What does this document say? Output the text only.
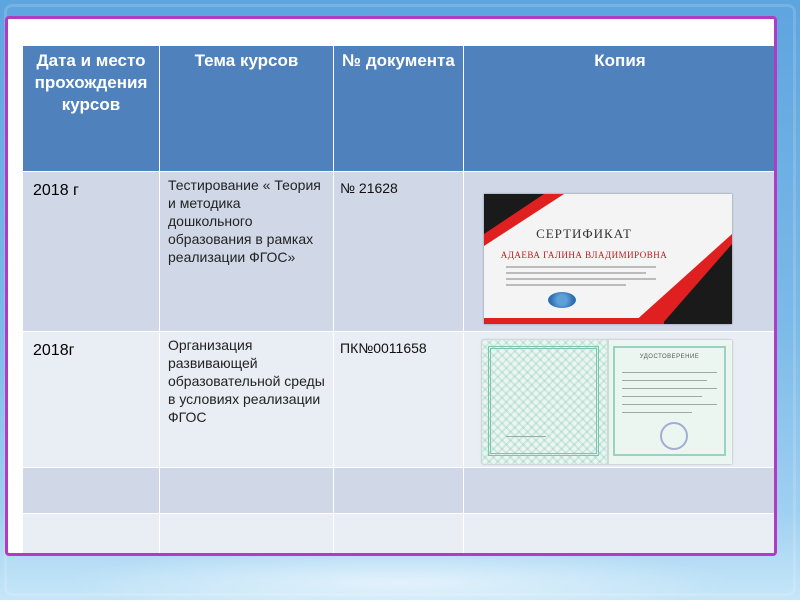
Дата и место прохождения курсов	Тема курсов	№ документа	Копия
2018 г	Тестирование « Теория и методика дошкольного образования в рамках реализации ФГОС»	№ 21628	СЕРТИФИКАТ
АДАЕВА ГАЛИНА ВЛАДИМИРОВНА

2018г	Организация развивающей образовательной среды в условиях реализации ФГОС	ПК№0011658	УДОСТОВЕРЕНИЕ
